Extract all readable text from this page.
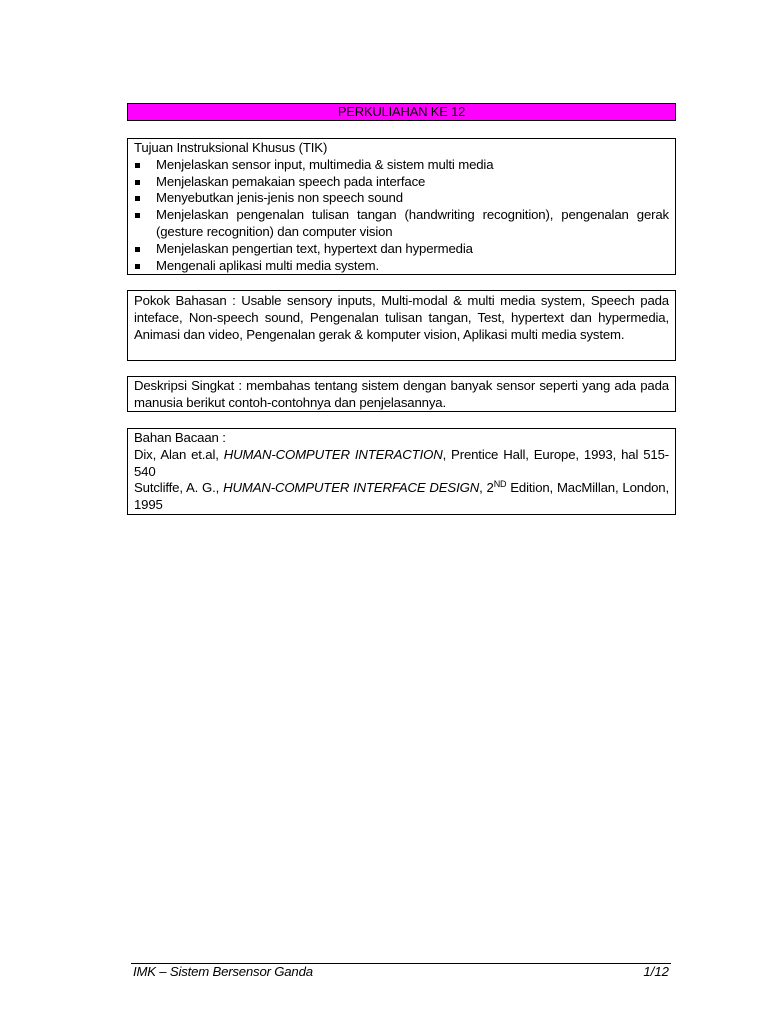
PERKULIAHAN KE 12

Tujuan Instruksional Khusus (TIK)

Menjelaskan sensor input, multimedia & sistem multi media
Menjelaskan pemakaian speech pada interface
Menyebutkan jenis-jenis non speech sound
Menjelaskan pengenalan tulisan tangan (handwriting recognition), pengenalan gerak (gesture recognition) dan computer vision
Menjelaskan pengertian text, hypertext dan hypermedia
Mengenali aplikasi multi media system.

Pokok Bahasan : Usable sensory inputs, Multi-modal & multi media system, Speech pada inteface, Non-speech sound, Pengenalan tulisan tangan, Test, hypertext dan hypermedia, Animasi dan video, Pengenalan gerak & komputer vision, Aplikasi multi media system.

Deskripsi Singkat : membahas tentang sistem dengan banyak sensor seperti yang ada pada manusia berikut contoh-contohnya dan penjelasannya.

Bahan Bacaan :

Dix, Alan et.al, HUMAN-COMPUTER INTERACTION, Prentice Hall, Europe, 1993, hal 515-540

Sutcliffe, A. G., HUMAN-COMPUTER INTERFACE DESIGN, 2ND Edition, MacMillan, London, 1995

IMK – Sistem Bersensor Ganda	1/12
